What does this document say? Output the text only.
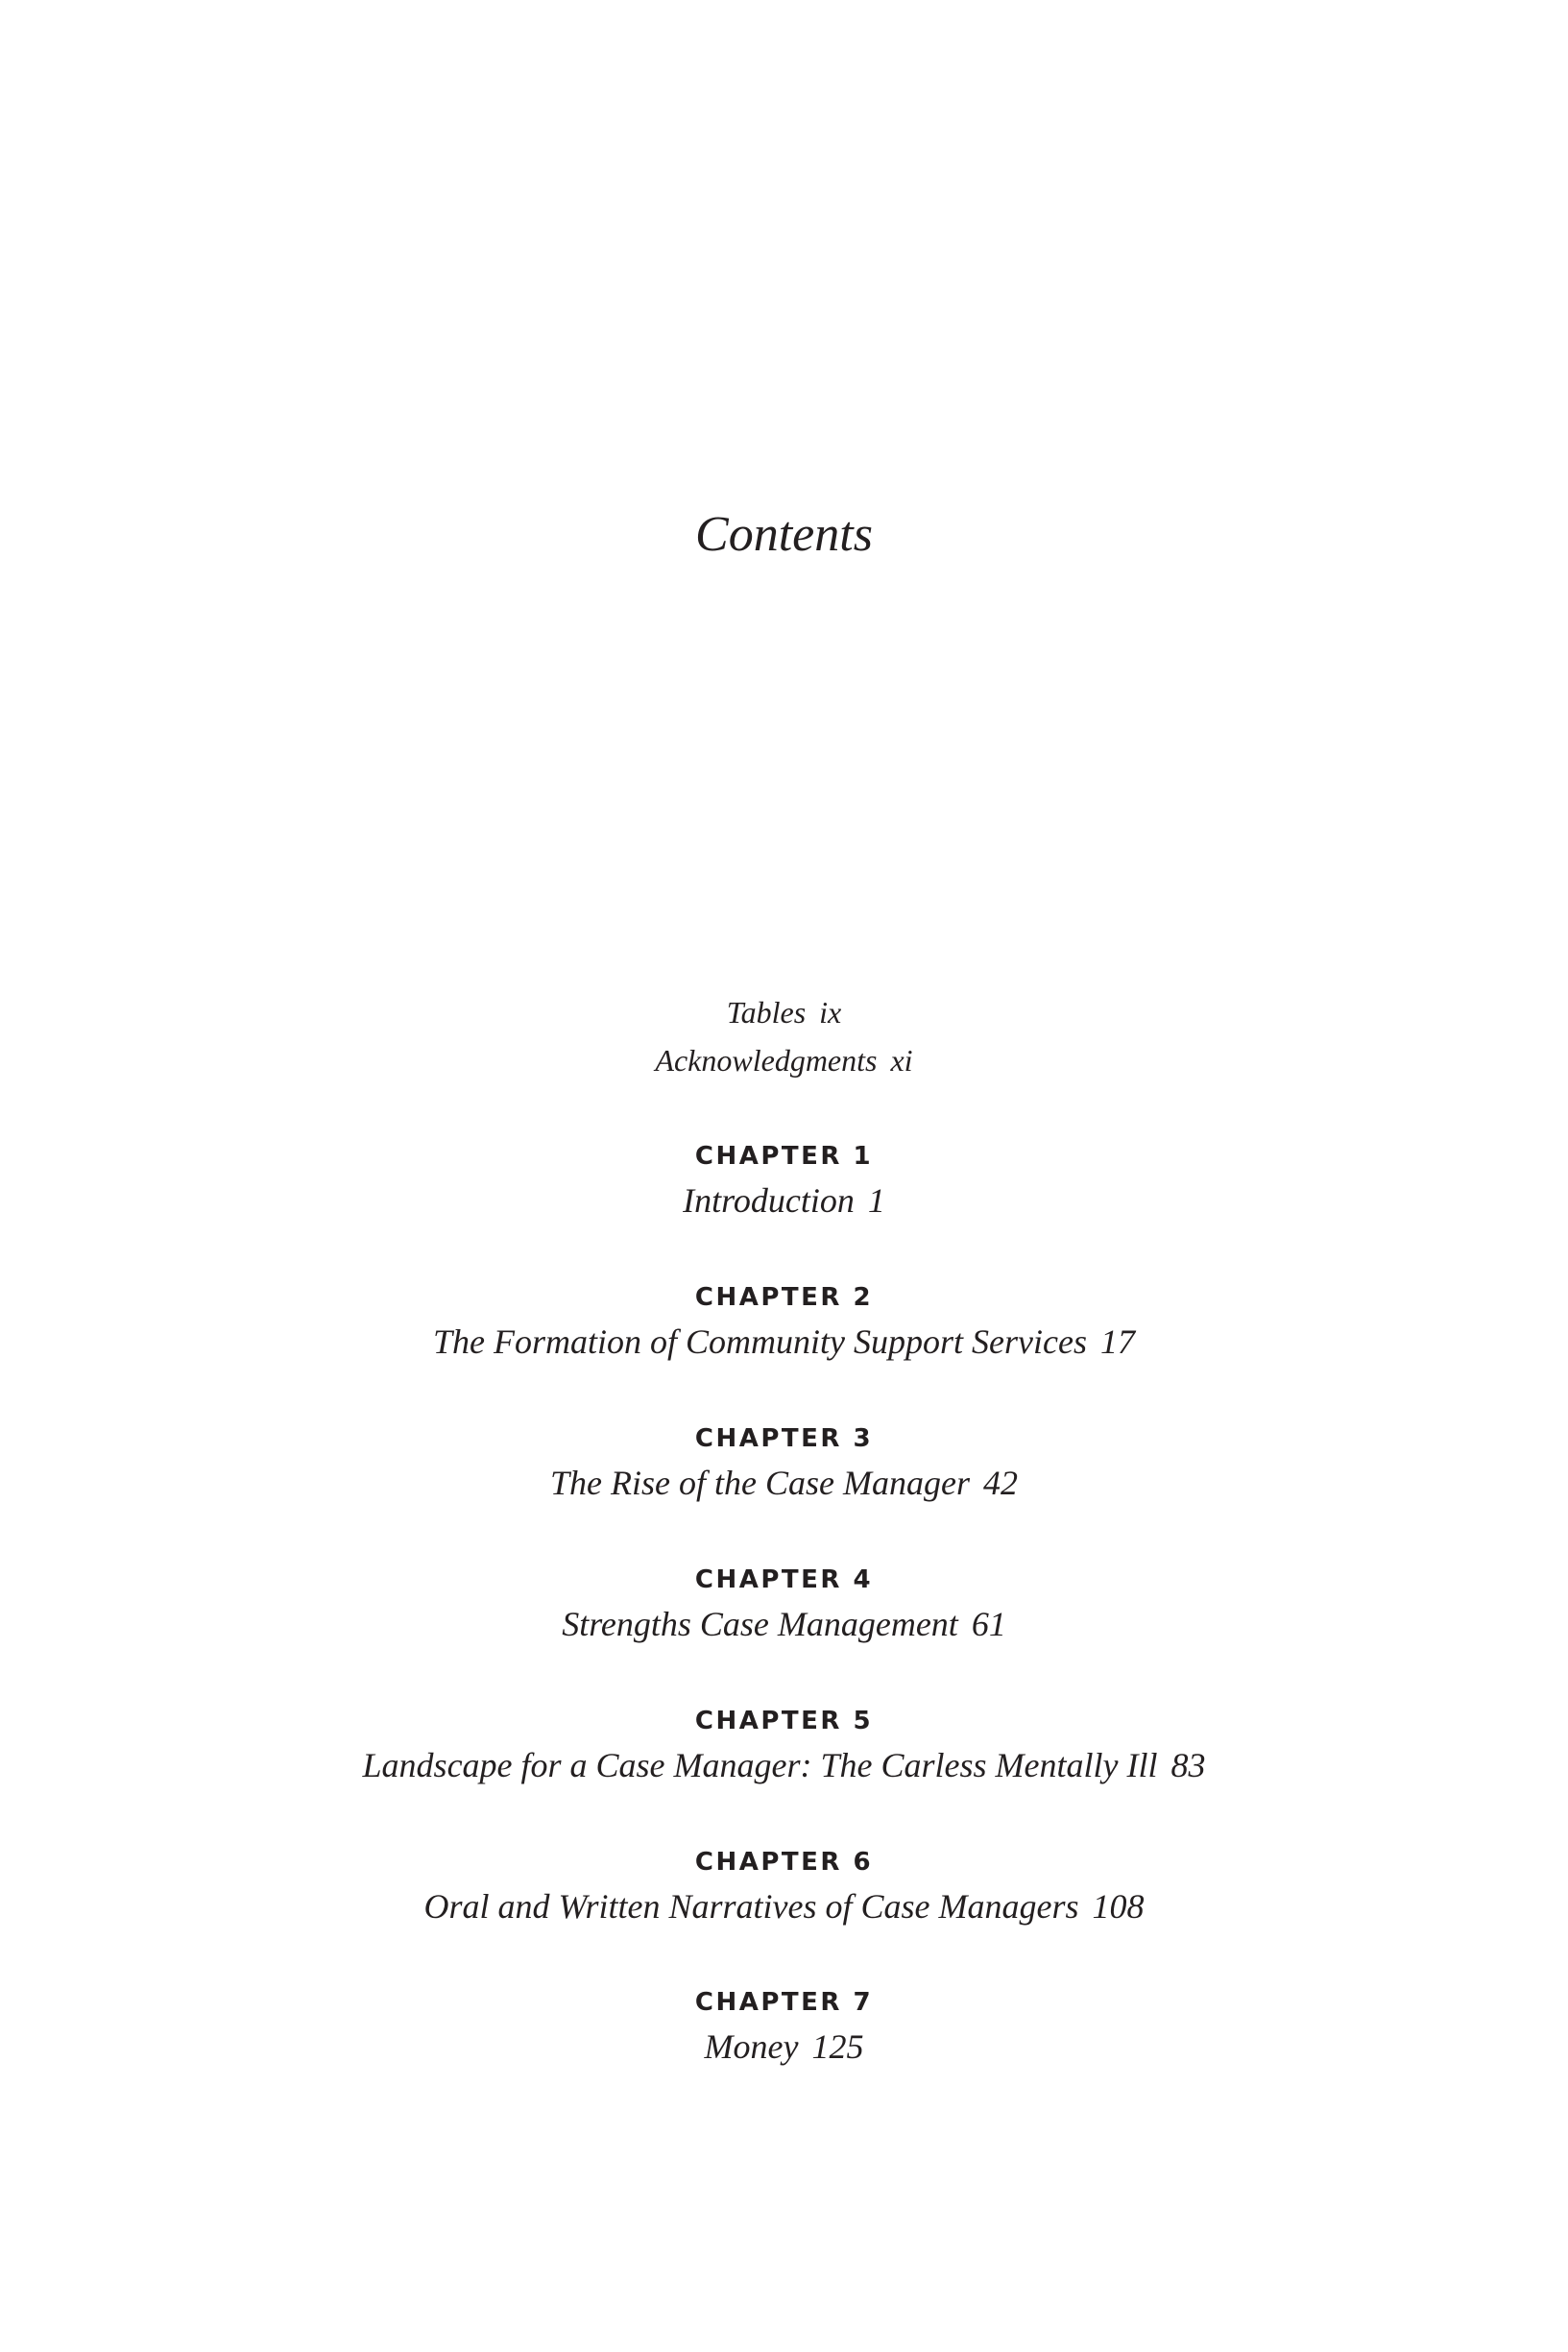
Contents
Tables ix
Acknowledgments xi
CHAPTER 1
Introduction 1
CHAPTER 2
The Formation of Community Support Services 17
CHAPTER 3
The Rise of the Case Manager 42
CHAPTER 4
Strengths Case Management 61
CHAPTER 5
Landscape for a Case Manager: The Carless Mentally Ill 83
CHAPTER 6
Oral and Written Narratives of Case Managers 108
CHAPTER 7
Money 125
